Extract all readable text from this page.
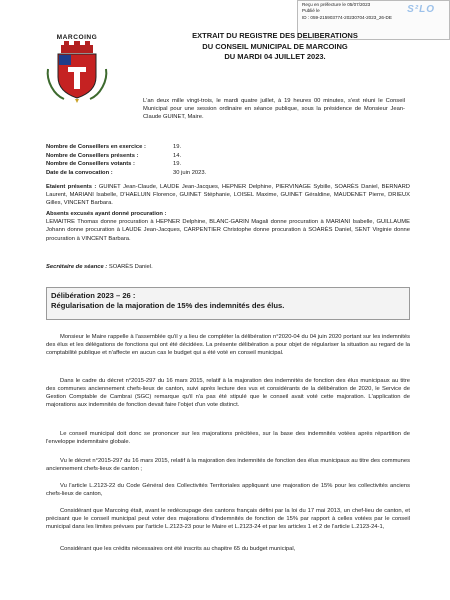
Reçu en préfecture le 05/07/2023
Publié le
ID : 059-215903774-20230704-2023_26-DE
S²LO
MARCOING	EXTRAIT DU REGISTRE DES DELIBERATIONS
DU CONSEIL MUNICIPAL DE MARCOING
DU MARDI 04 JUILLET 2023.
L'an deux mille vingt-trois, le mardi quatre juillet, à 19 heures 00 minutes, s'est réuni le Conseil Municipal pour une session ordinaire en séance publique, sous la présidence de Monsieur Jean-Claude GUINET, Maire.
Nombre de Conseillers en exercice :	19.
Nombre de Conseillers présents :	14.
Nombre de Conseillers votants :	19.
Date de la convocation :	30 juin 2023.
Etaient présents : GUINET Jean-Claude, LAUDE Jean-Jacques, HEPNER Delphine, PIERVINAGE Sybille, SOARÈS Daniel, BERNARD Laurent, MARIANI Isabelle, D'HAELUIN Florence, GUINET Stéphanie, LOISEL Maxime, GUINET Géraldine, MAUDENET Pierre, DRIEUX Gilles, VINCENT Barbara.
Absents excusés ayant donné procuration :
LEMAITRE Thomas donne procuration à HEPNER Delphine, BLANC-GARIN Magali donne procuration à MARIANI Isabelle, GUILLAUME Johann donne procuration à LAUDE Jean-Jacques, CARPENTIER Christophe donne procuration à SOARÈS Daniel, SENT Virginie donne procuration à VINCENT Barbara.
Secrétaire de séance : SOARÈS Daniel.
Délibération 2023 – 26 :
Régularisation de la majoration de 15% des indemnités des élus.
Monsieur le Maire rappelle à l'assemblée qu'il y a lieu de compléter la délibération n°2020-04 du 04 juin 2020 portant sur les indemnités des élus et les délégations de fonctions qui ont été décidées. La présente délibération a pour objet de régulariser la situation au regard de la comptabilité publique et n'affecte en aucun cas le budget qui a été voté en conseil municipal.
Dans le cadre du décret n°2015-297 du 16 mars 2015, relatif à la majoration des indemnités de fonction des élus municipaux au titre des communes anciennement chefs-lieux de canton, suivi après lecture des vus et considérants de la délibération de 2020, le Service de Gestion Comptable de Cambrai (SGC) remarque qu'il n'a pas été stipulé que le conseil avait voté cette majoration. L'application de majorations aux indemnités de fonction devait faire l'objet d'un vote distinct.
Le conseil municipal doit donc se prononcer sur les majorations précitées, sur la base des indemnités votées après répartition de l'enveloppe indemnitaire globale.
Vu le décret n°2015-297 du 16 mars 2015, relatif à la majoration des indemnités de fonction des élus municipaux au titre des communes anciennement chefs-lieux de canton ;
Vu l'article L.2123-22 du Code Général des Collectivités Territoriales appliquant une majoration de 15% pour les collectivités anciens chefs-lieux de canton,
Considérant que Marcoing était, avant le redécoupage des cantons français défini par la loi du 17 mai 2013, un chef-lieu de canton, et précisant que le conseil municipal peut voter des majorations d'indemnités de fonction de 15% par rapport à celles votées par le conseil municipal dans les limites prévues par l'article L.2123-23 pour le Maire et L.2123-24 et par les articles 1 et 2 de l'article L.2123-24-1,
Considérant que les crédits nécessaires ont été inscrits au chapitre 65 du budget municipal,
